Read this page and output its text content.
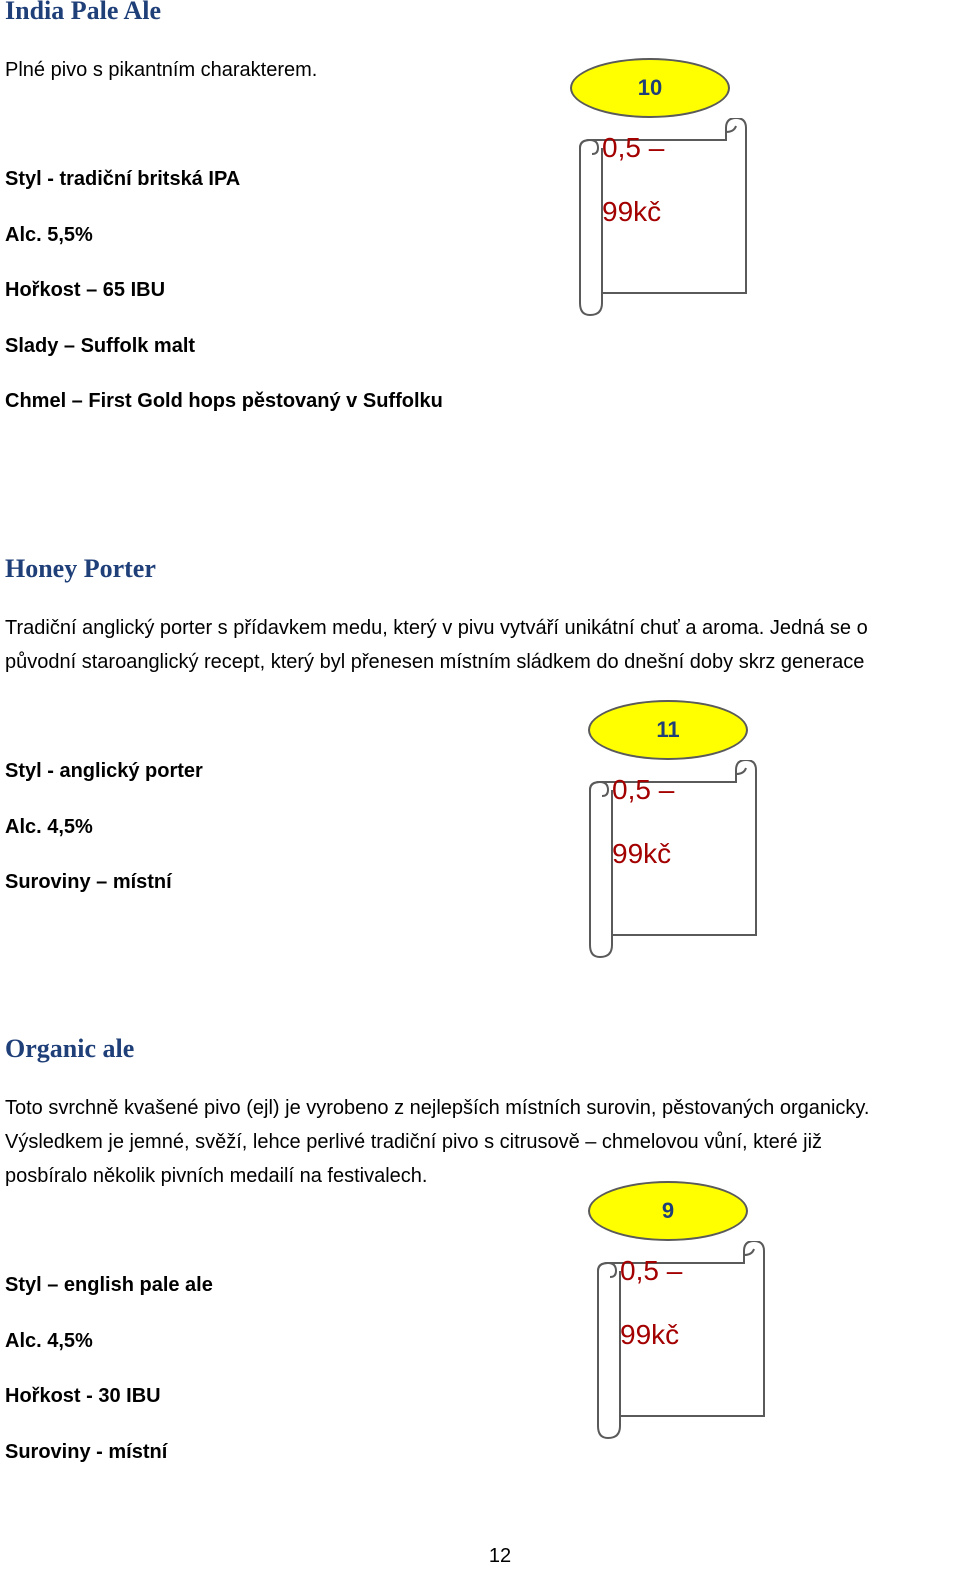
India Pale Ale

Plné pivo s pikantním charakterem.

Styl - tradiční britská IPA

Alc. 5,5%

Hořkost – 65 IBU

Slady – Suffolk malt

Chmel – First Gold hops pěstovaný v Suffolku

10
0,5 –
99kč
Honey Porter

Tradiční anglický porter s přídavkem medu, který v pivu vytváří unikátní chuť a aroma. Jedná se o

původní staroanglický recept, který byl přenesen místním sládkem do dnešní doby skrz generace

Styl - anglický porter

Alc. 4,5%

Suroviny – místní

11
0,5 –
99kč
Organic ale

Toto svrchně kvašené pivo (ejl) je vyrobeno z nejlepších místních surovin, pěstovaných organicky.

Výsledkem je jemné, svěží, lehce perlivé tradiční pivo s citrusově – chmelovou vůní, které již

posbíralo několik pivních medailí na festivalech.

Styl – english pale ale

Alc. 4,5%

Hořkost - 30 IBU

Suroviny - místní

9
0,5 –
99kč
12
